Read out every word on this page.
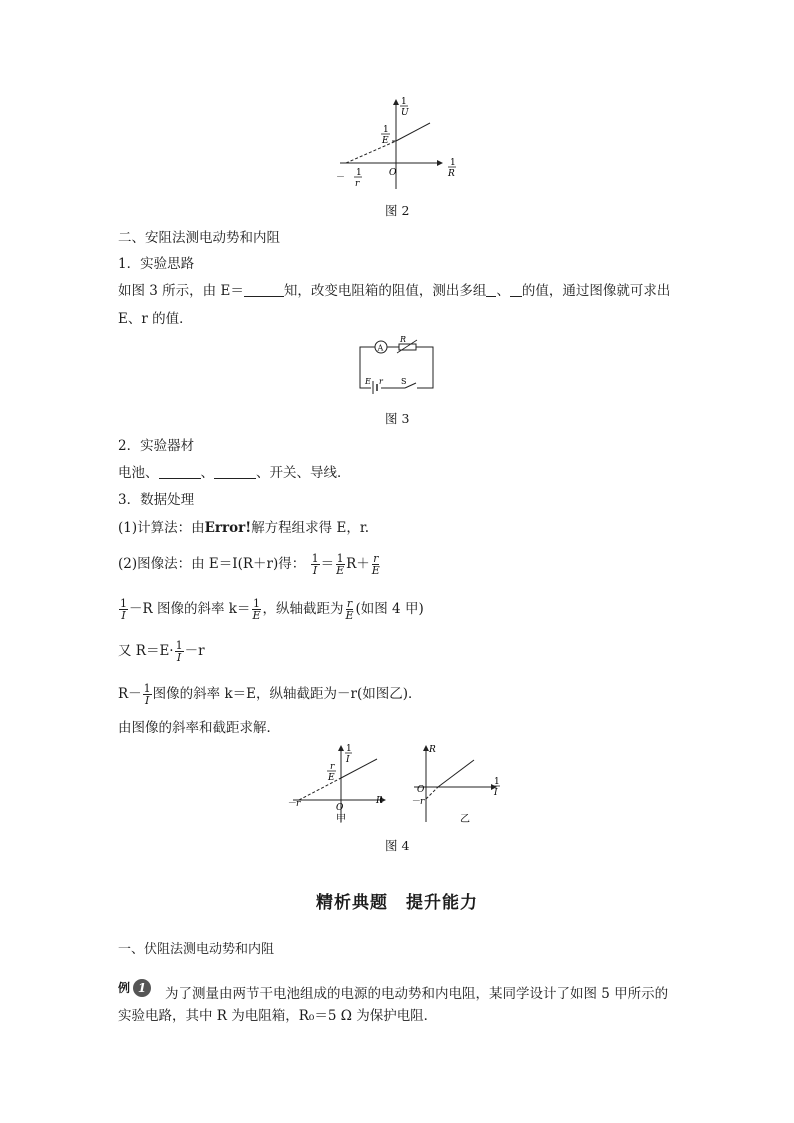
1
U
1
E
1
R
O
－ 1
r
图 2
二、安阻法测电动势和内阻
1．实验思路
如图 3 所示，由 E＝	知，改变电阻箱的阻值，测出多组 、 的值，通过图像就可求出
E、r 的值．
A
R
E r S
图 3
2．实验器材
电池、	、	、开关、导线．
3．数据处理
(1)计算法：由Error!解方程组求得 E，r.
(2)图像法：由 E＝I(R＋r)得： $\frac{1}{I} = \frac{1}{E} R+ \frac{r}{E}$
$\frac{1}{I} -R$ 图像的斜率 $k= \frac{1}{E}$ ，纵轴截距为 $\frac{r}{E}$ (如图 4 甲)
又 $R=E\cdot \frac{1}{I} -r$
$R- \frac{1}{I}$ 图像的斜率 k＝E，纵轴截距为－r(如图乙)．
由图像的斜率和截距求解．
1
I
r
E
－r	O
R
甲
R
1
I
O
－r
乙
图 4
精析典题　提升能力
一、伏阻法测电动势和内阻
例 1 为了测量由两节干电池组成的电源的电动势和内电阻，某同学设计了如图 5 甲所示的
实验电路，其中 R 为电阻箱，R₀＝5 Ω 为保护电阻．
